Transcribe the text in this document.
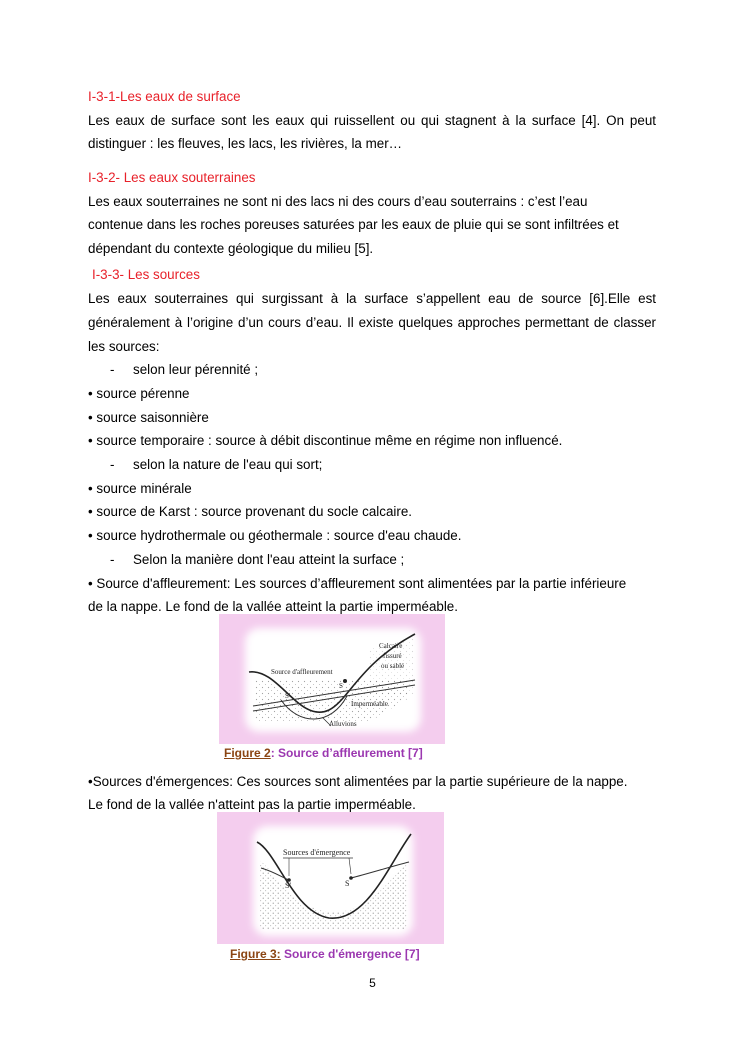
I-3-1-Les eaux de surface
Les eaux de surface sont les eaux qui ruissellent ou qui stagnent à la surface [4]. On peut
distinguer : les fleuves, les lacs, les rivières, la mer…
I-3-2- Les eaux souterraines
Les eaux souterraines ne sont ni des lacs ni des cours d’eau souterrains : c’est l’eau
contenue dans les roches poreuses saturées par les eaux de pluie qui se sont infiltrées et
dépendant du contexte géologique du milieu [5].
I-3-3- Les sources
Les eaux souterraines qui surgissant à la surface s’appellent eau de source [6].Elle est
généralement à l’origine d’un cours d’eau. Il existe quelques approches permettant de classer
les sources:
- selon leur pérennité ;
• source pérenne
• source saisonnière
• source temporaire : source à débit discontinue même en régime non influencé.
- selon la nature de l'eau qui sort;
• source minérale
• source de Karst : source provenant du socle calcaire.
• source hydrothermale ou géothermale : source d'eau chaude.
- Selon la manière dont l'eau atteint la surface ;
• Source d'affleurement: Les sources d’affleurement sont alimentées par la partie inférieure
de la nappe. Le fond de la vallée atteint la partie imperméable.
Source d'affleurement
Calcaire
fissuré
ou sablé
S'
S
Imperméable
Alluvions
Figure 2: Source d’affleurement [7]
•Sources d'émergences: Ces sources sont alimentées par la partie supérieure de la nappe.
Le fond de la vallée n'atteint pas la partie imperméable.
Sources d'émergence
S'	S
Figure 3: Source d'émergence [7]
5
